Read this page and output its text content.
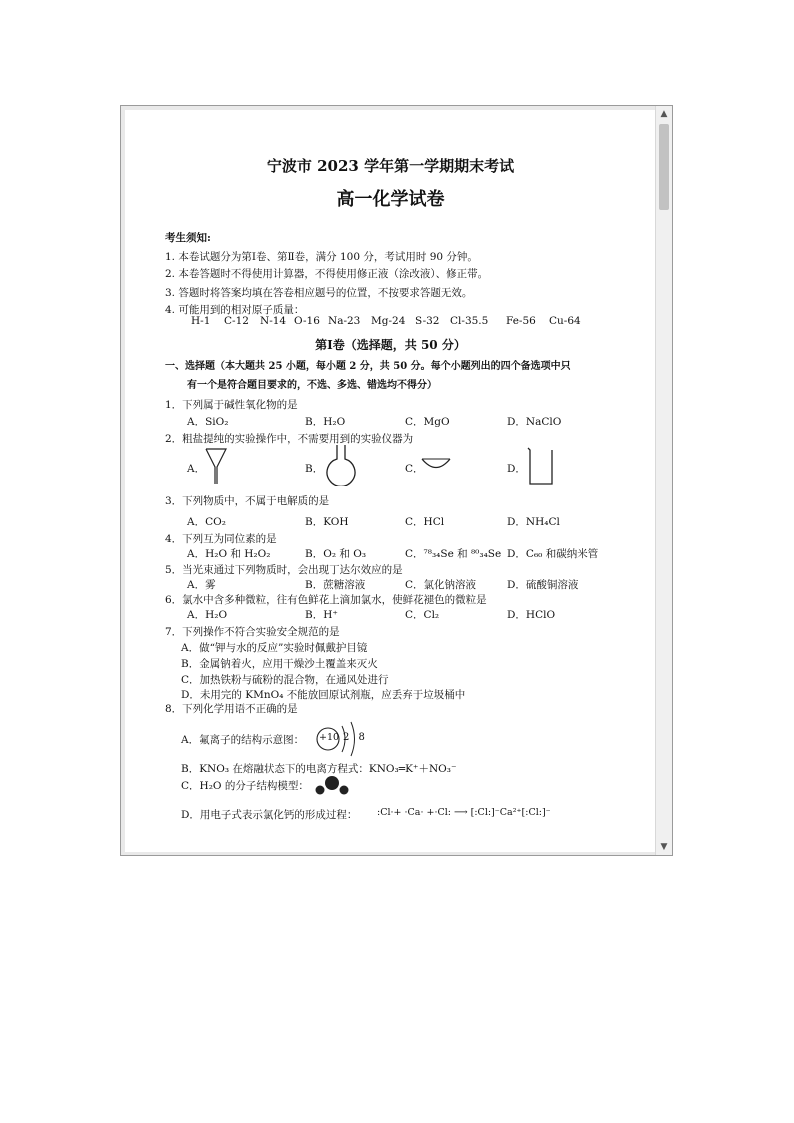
宁波市 2023 学年第一学期期末考试
高一化学试卷
考生须知:
1. 本卷试题分为第Ⅰ卷、第Ⅱ卷，满分 100 分，考试用时 90 分钟。
2. 本卷答题时不得使用计算器，不得使用修正液（涂改液）、修正带。
3. 答题时将答案均填在答卷相应题号的位置，不按要求答题无效。
4. 可能用到的相对原子质量：
H-1 C-12 N-14 O-16 Na-23 Mg-24 S-32 Cl-35.5 Fe-56 Cu-64
第Ⅰ卷（选择题，共 50 分）
一、选择题（本大题共 25 小题，每小题 2 分，共 50 分。每个小题列出的四个备选项中只
有一个是符合题目要求的，不选、多选、错选均不得分）
1．下列属于碱性氧化物的是
A．SiO₂	B．H₂O	C．MgO	D．NaClO
2．粗盐提纯的实验操作中，不需要用到的实验仪器为
A．	B．	C．	D．
3．下列物质中，不属于电解质的是
A．CO₂	B．KOH	C．HCl	D．NH₄Cl
4．下列互为同位素的是
A．H₂O 和 H₂O₂	B．O₂ 和 O₃	C．⁷⁸₃₄Se 和 ⁸⁰₃₄Se D．C₆₀ 和碳纳米管
5．当光束通过下列物质时，会出现丁达尔效应的是
A．雾	B．蔗糖溶液	C．氯化钠溶液	D．硫酸铜溶液
6．氯水中含多种微粒，往有色鲜花上滴加氯水，使鲜花褪色的微粒是
A．H₂O	B．H⁺	C．Cl₂	D．HClO
7．下列操作不符合实验安全规范的是
A．做“钾与水的反应”实验时佩戴护目镜
B．金属钠着火，应用干燥沙土覆盖来灭火
C．加热铁粉与硫粉的混合物，在通风处进行
D．未用完的 KMnO₄ 不能放回原试剂瓶，应丢弃于垃圾桶中
8．下列化学用语不正确的是
A．氟离子的结构示意图： +10 2 8
B．KNO₃ 在熔融状态下的电离方程式：KNO₃═K⁺＋NO₃⁻
C．H₂O 的分子结构模型：
D．用电子式表示氯化钙的形成过程： :Cl·+ ·Ca· +·Cl: ⟶ [:Cl:]⁻Ca²⁺[:Cl:]⁻
▲
▼
